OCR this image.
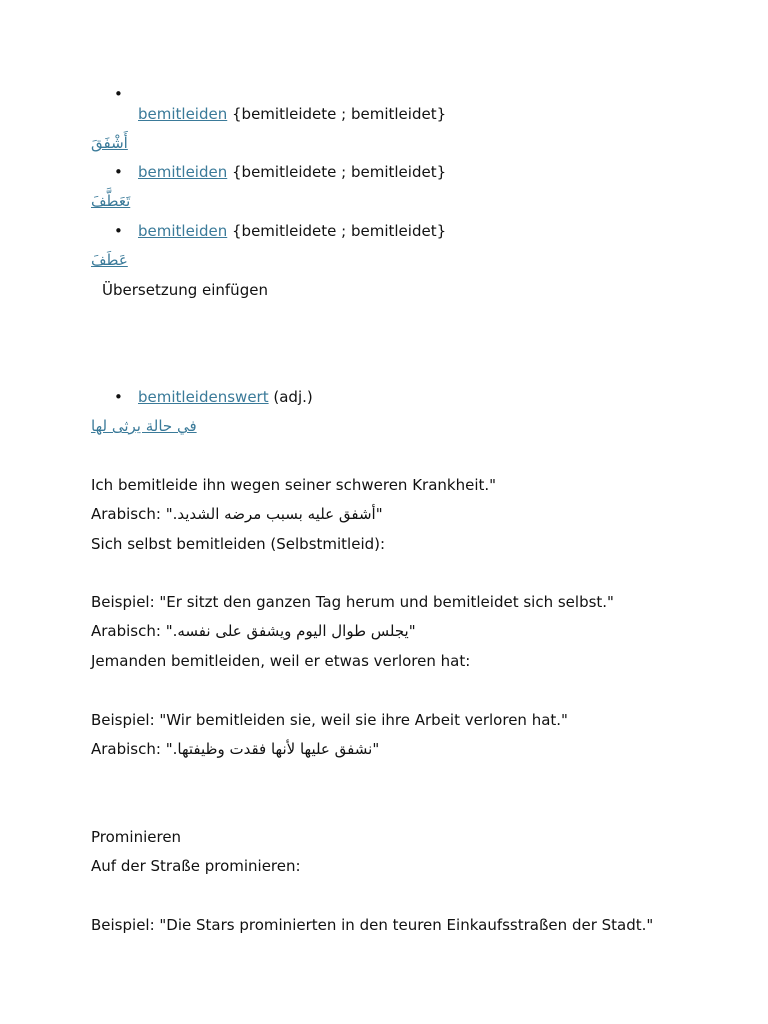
•
bemitleiden {bemitleidete ; bemitleidet}
أَشْفَقَ
• bemitleiden {bemitleidete ; bemitleidet}
تَعَطَّفَ
• bemitleiden {bemitleidete ; bemitleidet}
عَطَفَ
Übersetzung einfügen
• bemitleidenswert (adj.)
في حالة يرثى لها
Ich bemitleide ihn wegen seiner schweren Krankheit."
Arabisch: "أشفق عليه بسبب مرضه الشديد."
Sich selbst bemitleiden (Selbstmitleid):
Beispiel: "Er sitzt den ganzen Tag herum und bemitleidet sich selbst."
Arabisch: "يجلس طوال اليوم ويشفق على نفسه."
Jemanden bemitleiden, weil er etwas verloren hat:
Beispiel: "Wir bemitleiden sie, weil sie ihre Arbeit verloren hat."
Arabisch: "نشفق عليها لأنها فقدت وظيفتها."
Prominieren
Auf der Straße prominieren:
Beispiel: "Die Stars prominierten in den teuren Einkaufsstraßen der Stadt."
